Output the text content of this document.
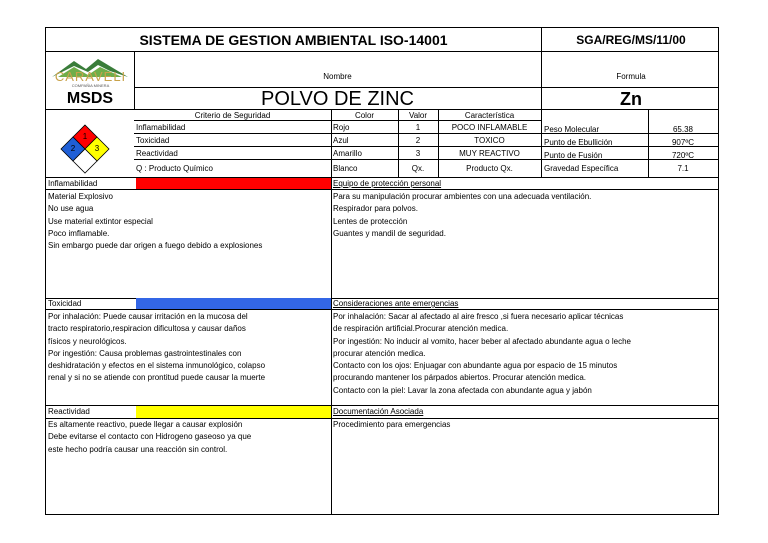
SISTEMA DE GESTION AMBIENTAL ISO-14001	SGA/REG/MS/11/00
CARAVELI
COMPAÑIA MINERA
Nombre	Formula
MSDS	POLVO DE ZINC	Zn
1
2	3
Criterio de Seguridad	Color	Valor	Característica
Inflamabilidad	Rojo	1	POCO INFLAMABLE
Toxicidad	Azul	2	TOXICO
Reactividad	Amarillo	3	MUY REACTIVO
Q : Producto Químico	Blanco	Qx.	Producto Qx.
Peso Molecular	65.38
Punto de Ebullición	907ºC
Punto de Fusión	720ºC
Gravedad Específica	7.1
Inflamabilidad
Material Explosivo
No use agua
Use material extintor especial
Poco imflamable.
Sin embargo puede dar origen a fuego debido a explosiones
Equipo de protección personal
Para su manipulación procurar ambientes con una adecuada ventilación.
Respirador para polvos.
Lentes de protección
Guantes y mandil de seguridad.
Toxicidad
Por inhalación: Puede causar irritación en la mucosa del
tracto respiratorio,respiracion dificultosa y causar daños
físicos y neurológicos.
Por ingestión: Causa problemas gastrointestinales con
deshidratación y efectos en el sistema inmunológico, colapso
renal y si no se atiende con prontitud puede causar la muerte
Consideraciones ante emergencias
Por inhalación: Sacar al afectado al aire fresco ,si fuera necesario aplicar técnicas
de respiración artificial.Procurar atención medica.
Por ingestión: No inducir al vomito, hacer beber al afectado abundante agua o leche
procurar atención medica.
Contacto con los ojos: Enjuagar con abundante agua por espacio de 15 minutos
procurando mantener los párpados abiertos. Procurar atención medica.
Contacto con la piel: Lavar la zona afectada con abundante agua y jabón
Reactividad
Es altamente reactivo, puede llegar a causar explosión
Debe evitarse el contacto con Hidrogeno gaseoso ya que
este hecho podría causar una reacción sin control.
Documentación Asociada
Procedimiento para emergencias
